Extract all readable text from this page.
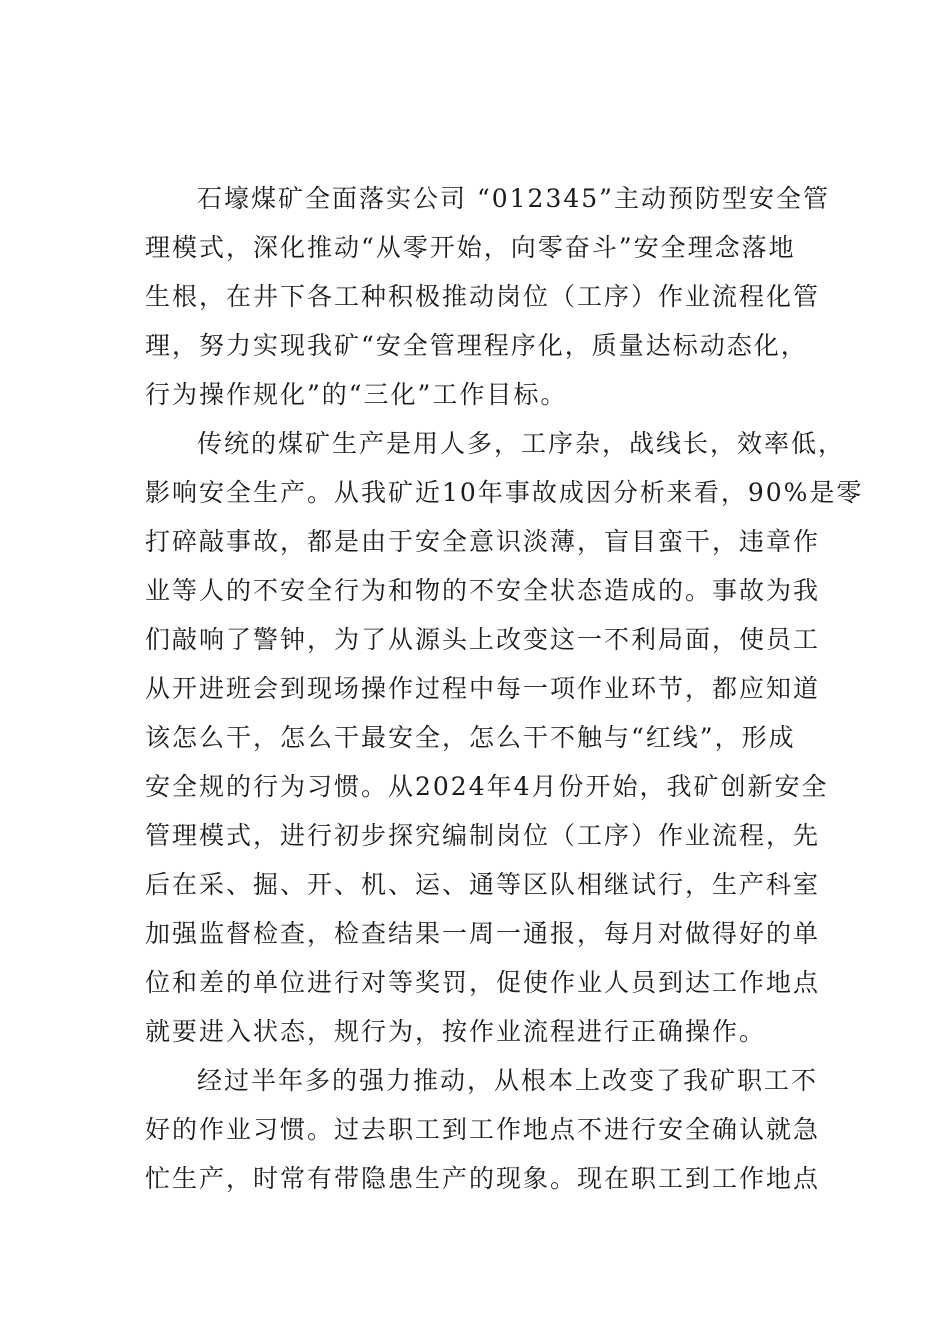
石壕煤矿全面落实公司 “012345”主动预防型安全管
理模式，深化推动“从零开始，向零奋斗”安全理念落地
生根，在井下各工种积极推动岗位（工序）作业流程化管
理，努力实现我矿“安全管理程序化，质量达标动态化，
行为操作规化”的“三化”工作目标。
传统的煤矿生产是用人多，工序杂，战线长，效率低，
影响安全生产。从我矿近10年事故成因分析来看，90%是零
打碎敲事故，都是由于安全意识淡薄，盲目蛮干，违章作
业等人的不安全行为和物的不安全状态造成的。事故为我
们敲响了警钟，为了从源头上改变这一不利局面，使员工
从开进班会到现场操作过程中每一项作业环节，都应知道
该怎么干，怎么干最安全，怎么干不触与“红线”，形成
安全规的行为习惯。从2024年4月份开始，我矿创新安全
管理模式，进行初步探究编制岗位（工序）作业流程，先
后在采、掘、开、机、运、通等区队相继试行，生产科室
加强监督检查，检查结果一周一通报，每月对做得好的单
位和差的单位进行对等奖罚，促使作业人员到达工作地点
就要进入状态，规行为，按作业流程进行正确操作。
经过半年多的强力推动，从根本上改变了我矿职工不
好的作业习惯。过去职工到工作地点不进行安全确认就急
忙生产，时常有带隐患生产的现象。现在职工到工作地点
